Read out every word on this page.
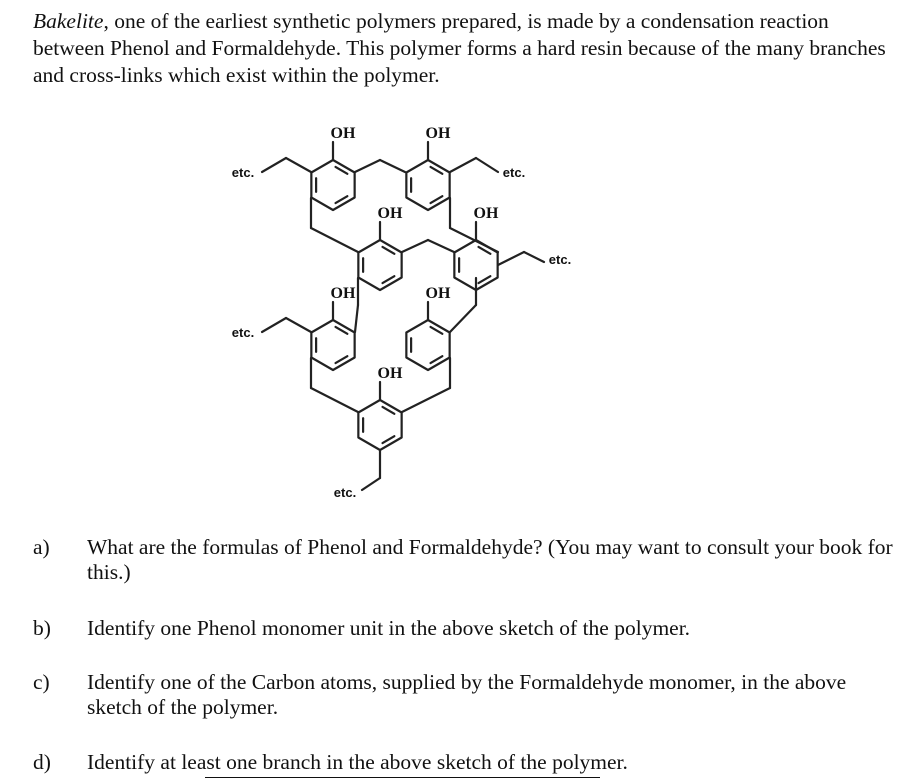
Bakelite, one of the earliest synthetic polymers prepared, is made by a condensation reaction between Phenol and Formaldehyde. This polymer forms a hard resin because of the many branches and cross-links which exist within the polymer.
OH	OH
OH	OH
OH	OH
OH
etc.	etc.
etc.
etc.
etc.
a) What are the formulas of Phenol and Formaldehyde? (You may want to consult your book for this.)
b) Identify one Phenol monomer unit in the above sketch of the polymer.
c) Identify one of the Carbon atoms, supplied by the Formaldehyde monomer, in the above sketch of the polymer.
d) Identify at least one branch in the above sketch of the polymer.
